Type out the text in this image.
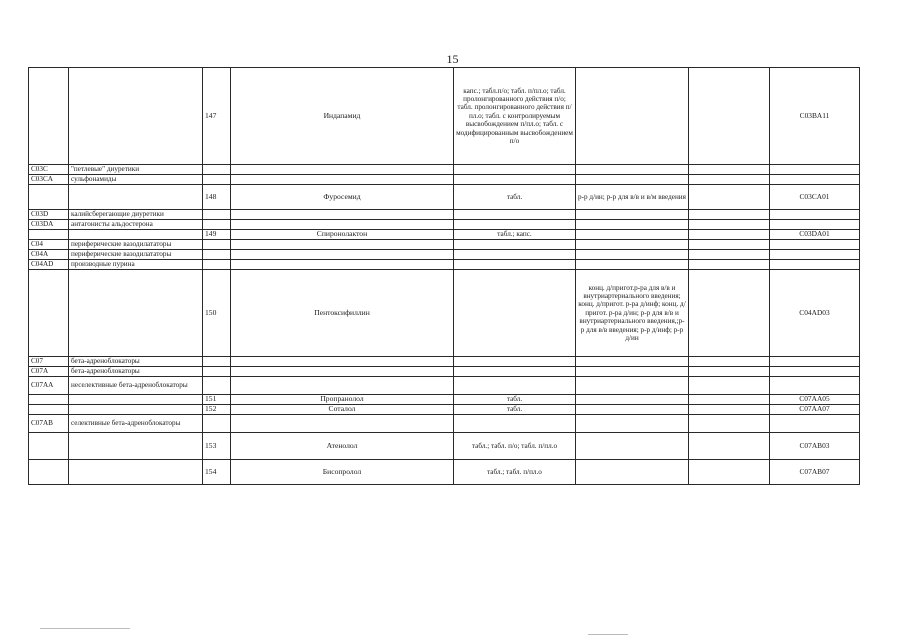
15
		147	Индапамид	капс.; табл.п/о; табл. п/пл.о; табл. пролонгированного действия п/о; табл. пролонгированного действия п/пл.о; табл. с контролируемым высвобождением п/пл.о; табл. с модифицированным высвобождением п/о			C03BA11
C03C	"петлевые" диуретики						
C03CA	сульфонамиды						
		148	Фуросемид	табл.	р-р д/ин; р-р для в/в и в/м введения		C03CA01
C03D	калийсберегающие диуретики						
C03DA	антагонисты альдостерона						
		149	Спиронолактон	табл.; капс.			C03DA01
C04	периферические вазодилататоры						
C04A	периферические вазодилататоры						
C04AD	производные пурина						
		150	Пентоксифиллин		конц. д/пригот.р-ра для в/в и внутриартериального введения; конц. д/пригот. р-ра д/инф; конц. д/пригот. р-ра д/ин; р-р для в/в и внутриартериального введения,;р-р для в/в введения; р-р д/инф; р-р д/ин		C04AD03
C07	бета-адреноблокаторы						
C07A	бета-адреноблокаторы						
C07AA	неселективные бета-адреноблокаторы						
		151	Пропранолол	табл.			C07AA05
		152	Соталол	табл.			C07AA07
C07AB	селективные бета-адреноблокаторы						
		153	Атенолол	табл.; табл. п/о; табл. п/пл.о			C07AB03
		154	Бисопролол	табл.; табл. п/пл.о			C07AB07
